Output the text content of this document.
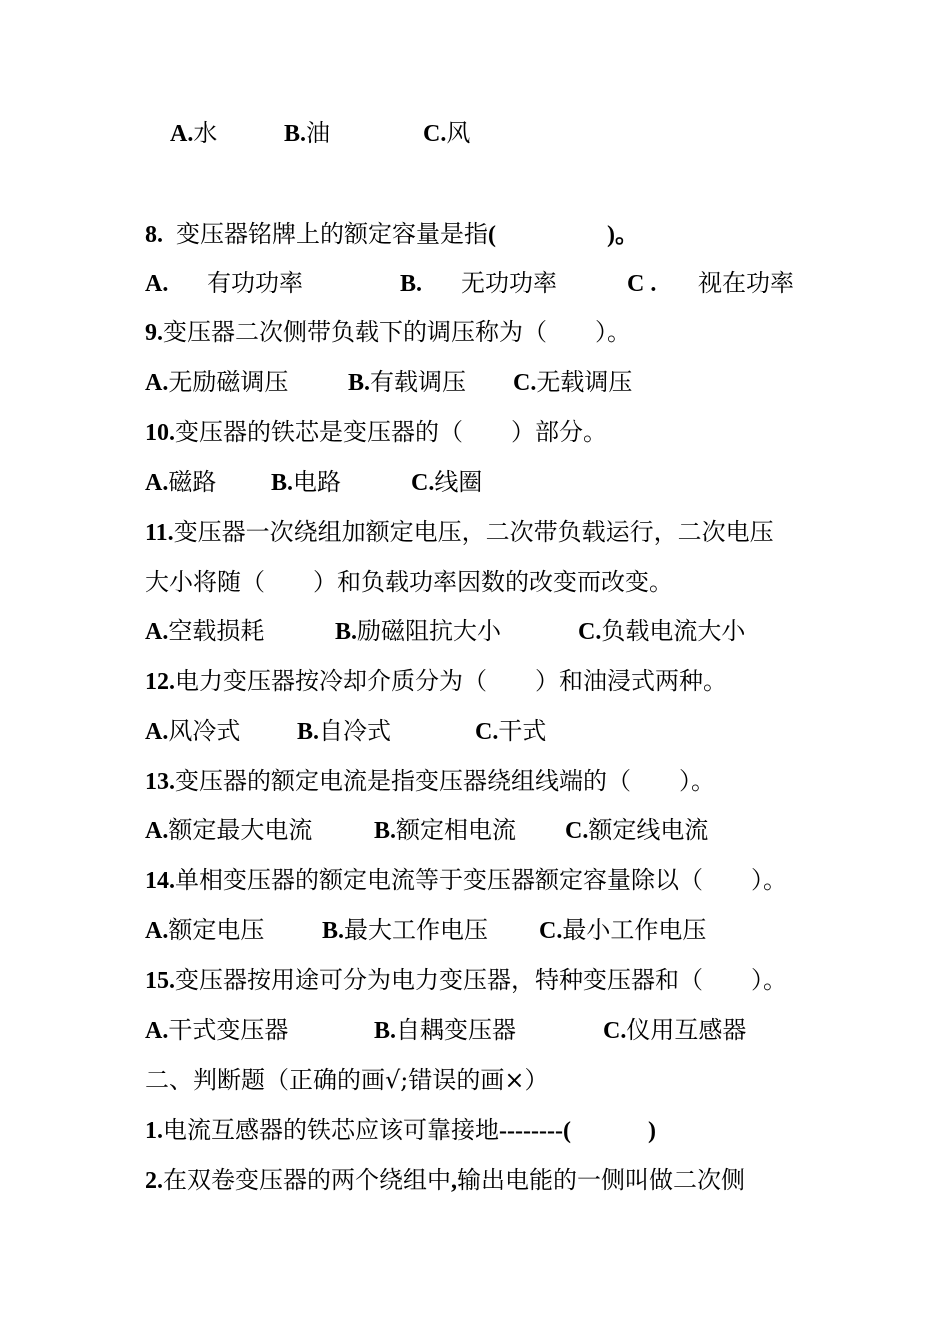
A.水	B.油	C.风
8. 变压器铭牌上的额定容量是指(	)。
A. 有功功率	B. 无功功率	C . 视在功率
9.变压器二次侧带负载下的调压称为（　　）。
A.无励磁调压 B.有载调压 C.无载调压
10.变压器的铁芯是变压器的（　　）部分。
A.磁路 B.电路	C.线圈
11.变压器一次绕组加额定电压，二次带负载运行，二次电压
大小将随（　　）和负载功率因数的改变而改变。
A.空载损耗	B.励磁阻抗大小	C.负载电流大小
12.电力变压器按冷却介质分为（　　）和油浸式两种。
A.风冷式 B.自冷式	C.干式
13.变压器的额定电流是指变压器绕组线端的（　　）。
A.额定最大电流	B.额定相电流 C.额定线电流
14.单相变压器的额定电流等于变压器额定容量除以（　　）。
A.额定电压 B.最大工作电压 C.最小工作电压
15.变压器按用途可分为电力变压器，特种变压器和（　　）。
A.干式变压器	B.自耦变压器	C.仪用互感器
二、判断题（正确的画√;错误的画×）
1.电流互感器的铁芯应该可靠接地--------(	)
2.在双卷变压器的两个绕组中,输出电能的一侧叫做二次侧
